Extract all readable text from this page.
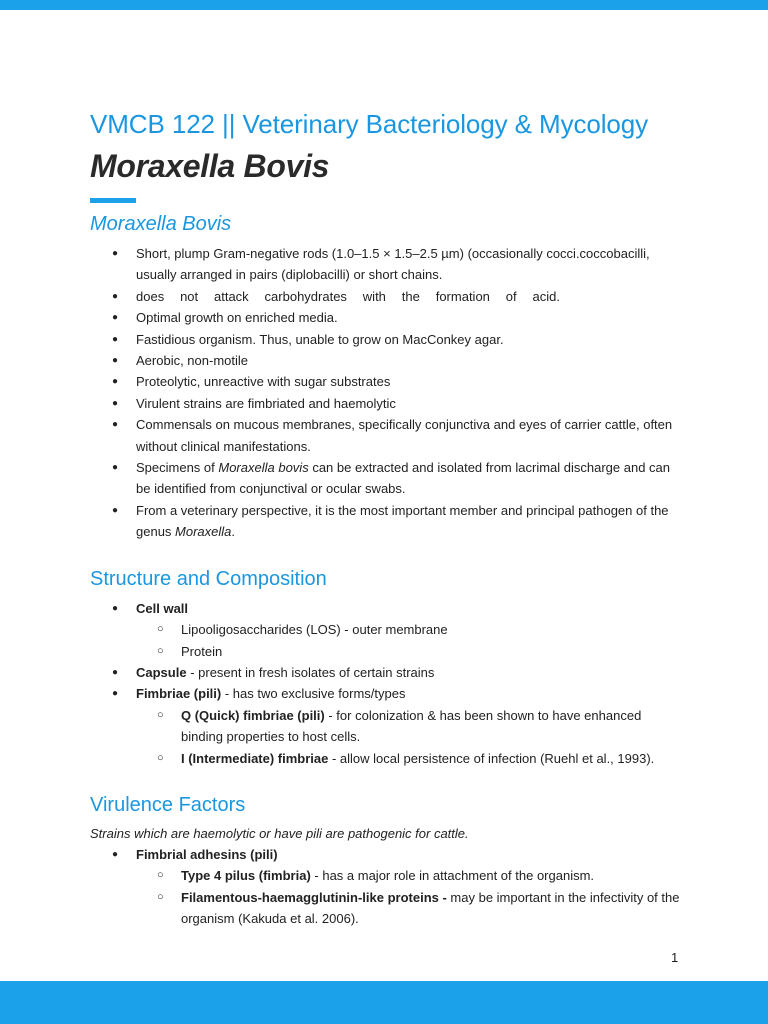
VMCB 122 || Veterinary Bacteriology & Mycology
Moraxella Bovis
Moraxella Bovis
● Short, plump Gram-negative rods (1.0–1.5 × 1.5–2.5 µm) (occasionally cocci.coccobacilli, usually arranged in pairs (diplobacilli) or short chains.
● does not attack carbohydrates with the formation of acid.
● Optimal growth on enriched media.
● Fastidious organism. Thus, unable to grow on MacConkey agar.
● Aerobic, non-motile
● Proteolytic, unreactive with sugar substrates
● Virulent strains are fimbriated and haemolytic
● Commensals on mucous membranes, specifically conjunctiva and eyes of carrier cattle, often without clinical manifestations.
● Specimens of Moraxella bovis can be extracted and isolated from lacrimal discharge and can be identified from conjunctival or ocular swabs.
● From a veterinary perspective, it is the most important member and principal pathogen of the genus Moraxella.
Structure and Composition
● Cell wall
○ Lipooligosaccharides (LOS) - outer membrane
○ Protein
● Capsule - present in fresh isolates of certain strains
● Fimbriae (pili) - has two exclusive forms/types
○ Q (Quick) fimbriae (pili) - for colonization & has been shown to have enhanced binding properties to host cells.
○ I (Intermediate) fimbriae - allow local persistence of infection (Ruehl et al., 1993).
Virulence Factors

Strains which are haemolytic or have pili are pathogenic for cattle.

● Fimbrial adhesins (pili)
○ Type 4 pilus (fimbria) - has a major role in attachment of the organism.
○ Filamentous-haemagglutinin-like proteins - may be important in the infectivity of the organism (Kakuda et al. 2006).
1
